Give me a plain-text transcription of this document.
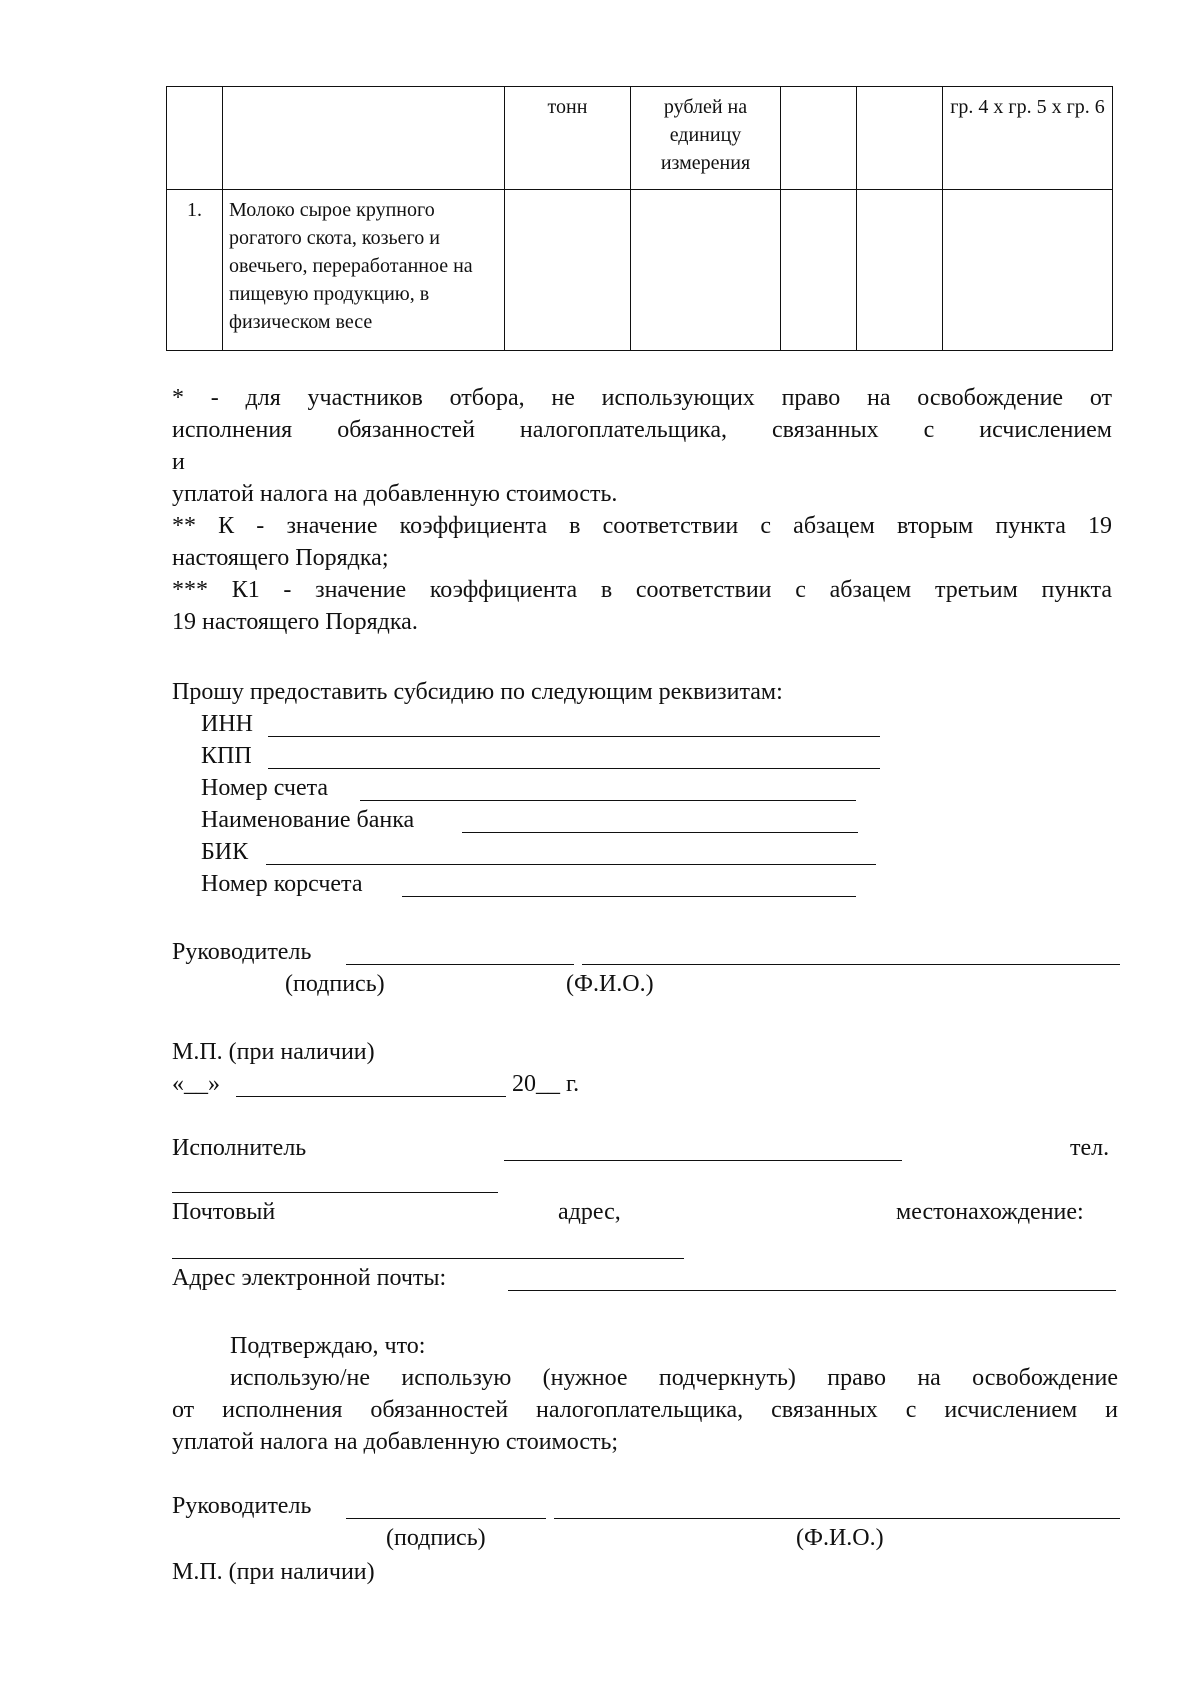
		тонн	рублей на единицу измерения			гр. 4 х гр. 5 х гр. 6
1.	Молоко сырое крупного рогатого скота, козьего и овечьего, переработанное на пищевую продукцию, в физическом весе					
* - для участников отбора, не использующих право на освобождение от
исполнения обязанностей налогоплательщика, связанных с исчислением
и
уплатой налога на добавленную стоимость.
** К - значение коэффициента в соответствии с абзацем вторым пункта 19
настоящего Порядка;
*** К1 - значение коэффициента в соответствии с абзацем третьим пункта
19 настоящего Порядка.
Прошу предоставить субсидию по следующим реквизитам:
ИНН
КПП
Номер счета
Наименование банка
БИК
Номер корсчета
Руководитель
(подпись)	(Ф.И.О.)
М.П. (при наличии)
«__»	20__ г.
Исполнитель	тел.
Почтовый	адрес,	местонахождение:
Адрес электронной почты:
Подтверждаю, что:
использую/не использую (нужное подчеркнуть) право на освобождение
от исполнения обязанностей налогоплательщика, связанных с исчислением и
уплатой налога на добавленную стоимость;
Руководитель
(подпись)	(Ф.И.О.)
М.П. (при наличии)
